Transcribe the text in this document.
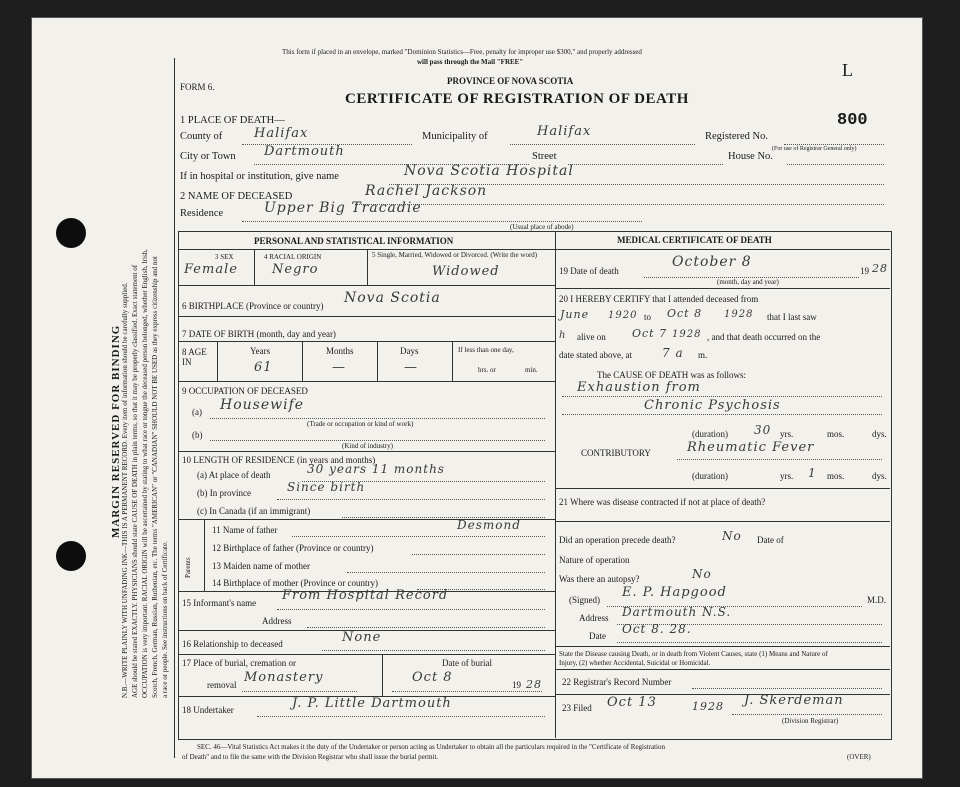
MARGIN RESERVED FOR BINDING N.B.—WRITE PLAINLY WITH UNFADING INK—THIS IS A PERMANENT RECORD. Every item of information should be carefully supplied. AGE should be stated EXACTLY. PHYSICIANS should state CAUSE OF DEATH in plain terms, so that it may be properly classified. Exact statement of OCCUPATION is very important. RACIAL ORIGIN will be ascertained by stating to what race or tongue the deceased person belonged, whether English, Irish, Scotch, French, German, Russian, Ruthenian, etc. The terms "AMERICAN" or "CANADIAN" SHOULD NOT BE USED as they express citizenship and not a race or people. See instructions on back of Certificate.
This form if placed in an envelope, marked "Dominion Statistics—Free, penalty for improper use $300," and properly addressed
will pass through the Mail "FREE"	L
FORM 6.
PROVINCE OF NOVA SCOTIA
CERTIFICATE OF REGISTRATION OF DEATH
1 PLACE OF DEATH—
County of Halifax	Municipality of	Halifax	Registered No.
800
(For use of Registrar General only)
City or Town Dartmouth	Street	House No.
If in hospital or institution, give name	Nova Scotia Hospital
2 NAME OF DECEASED	Rachel Jackson
Residence	Upper Big Tracadie
(Usual place of abode)
PERSONAL AND STATISTICAL INFORMATION
3 SEX
Female
4 RACIAL ORIGIN
Negro
5 Single, Married, Widowed or Divorced. (Write the word)
Widowed
6 BIRTHPLACE (Province or country) Nova Scotia
7 DATE OF BIRTH (month, day and year)
8 AGE IN
Years
61
Months
—
Days
—
If less than one day,
hrs. or	min.
9 OCCUPATION OF DECEASED
(a) Housewife
(Trade or occupation or kind of work)
(b)
(Kind of industry)
10 LENGTH OF RESIDENCE (in years and months)
(a) At place of death	30 years 11 months
(b) In province	Since birth
(c) In Canada (if an immigrant)
Parents
11 Name of father	Desmond
12 Birthplace of father (Province or country)
13 Maiden name of mother
14 Birthplace of mother (Province or country)
15 Informant's name From Hospital Record
Address
16 Relationship to deceased	None
17 Place of burial, cremation or
removal Monastery
Date of burial
Oct 8	19 28
18 Undertaker	J. P. Little Dartmouth
MEDICAL CERTIFICATE OF DEATH
19 Date of death
October 8
19 28
(month, day and year)
20 I HEREBY CERTIFY that I attended deceased from
June 1920 to Oct 8 1928 that I last saw
h alive on Oct 7 1928 , and that death occurred on the
date stated above, at	7 a m.
The CAUSE OF DEATH was as follows:
Exhaustion from
Chronic Psychosis
(duration) 30 yrs.	mos.	dys.
CONTRIBUTORY	Rheumatic Fever
(duration)	1
yrs.	mos.	dys.
21 Where was disease contracted if not at place of death?
Did an operation precede death?	No Date of
Nature of operation
Was there an autopsy?	No
(Signed) E. P. Hapgood	M.D.
Address Dartmouth N.S.
Date Oct 8. 28.
State the Disease causing Death, or in death from Violent Causes, state (1) Means and Nature of
Injury, (2) whether Accidental, Suicidal or Homicidal.
22 Registrar's Record Number
23 Filed Oct 13	1928 J. Skerdeman
(Division Registrar)
SEC. 46—Vital Statistics Act makes it the duty of the Undertaker or person acting as Undertaker to obtain all the particulars required in the "Certificate of Registration
of Death" and to file the same with the Division Registrar who shall issue the burial permit.	(OVER)
